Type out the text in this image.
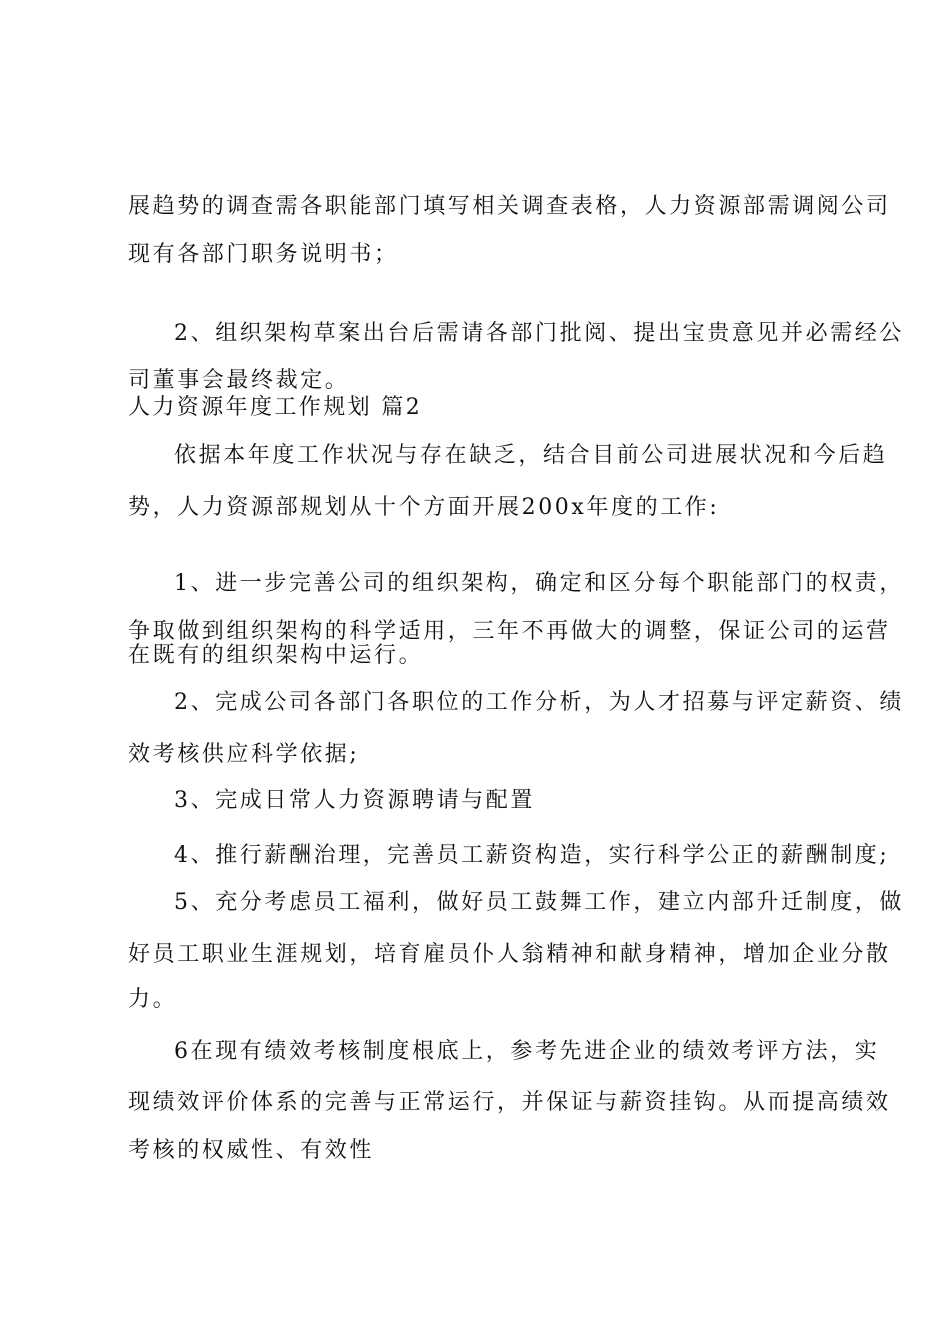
展趋势的调查需各职能部门填写相关调查表格，人力资源部需调阅公司
现有各部门职务说明书；
2、组织架构草案出台后需请各部门批阅、提出宝贵意见并必需经公
司董事会最终裁定。
人力资源年度工作规划 篇2
依据本年度工作状况与存在缺乏，结合目前公司进展状况和今后趋
势，人力资源部规划从十个方面开展200x年度的工作:
1、进一步完善公司的组织架构，确定和区分每个职能部门的权责，
争取做到组织架构的科学适用，三年不再做大的调整，保证公司的运营
在既有的组织架构中运行。
2、完成公司各部门各职位的工作分析，为人才招募与评定薪资、绩
效考核供应科学依据;
3、完成日常人力资源聘请与配置
4、推行薪酬治理，完善员工薪资构造，实行科学公正的薪酬制度;
5、充分考虑员工福利，做好员工鼓舞工作，建立内部升迁制度，做
好员工职业生涯规划，培育雇员仆人翁精神和献身精神，增加企业分散
力。
6在现有绩效考核制度根底上，参考先进企业的绩效考评方法，实
现绩效评价体系的完善与正常运行，并保证与薪资挂钩。从而提高绩效
考核的权威性、有效性
